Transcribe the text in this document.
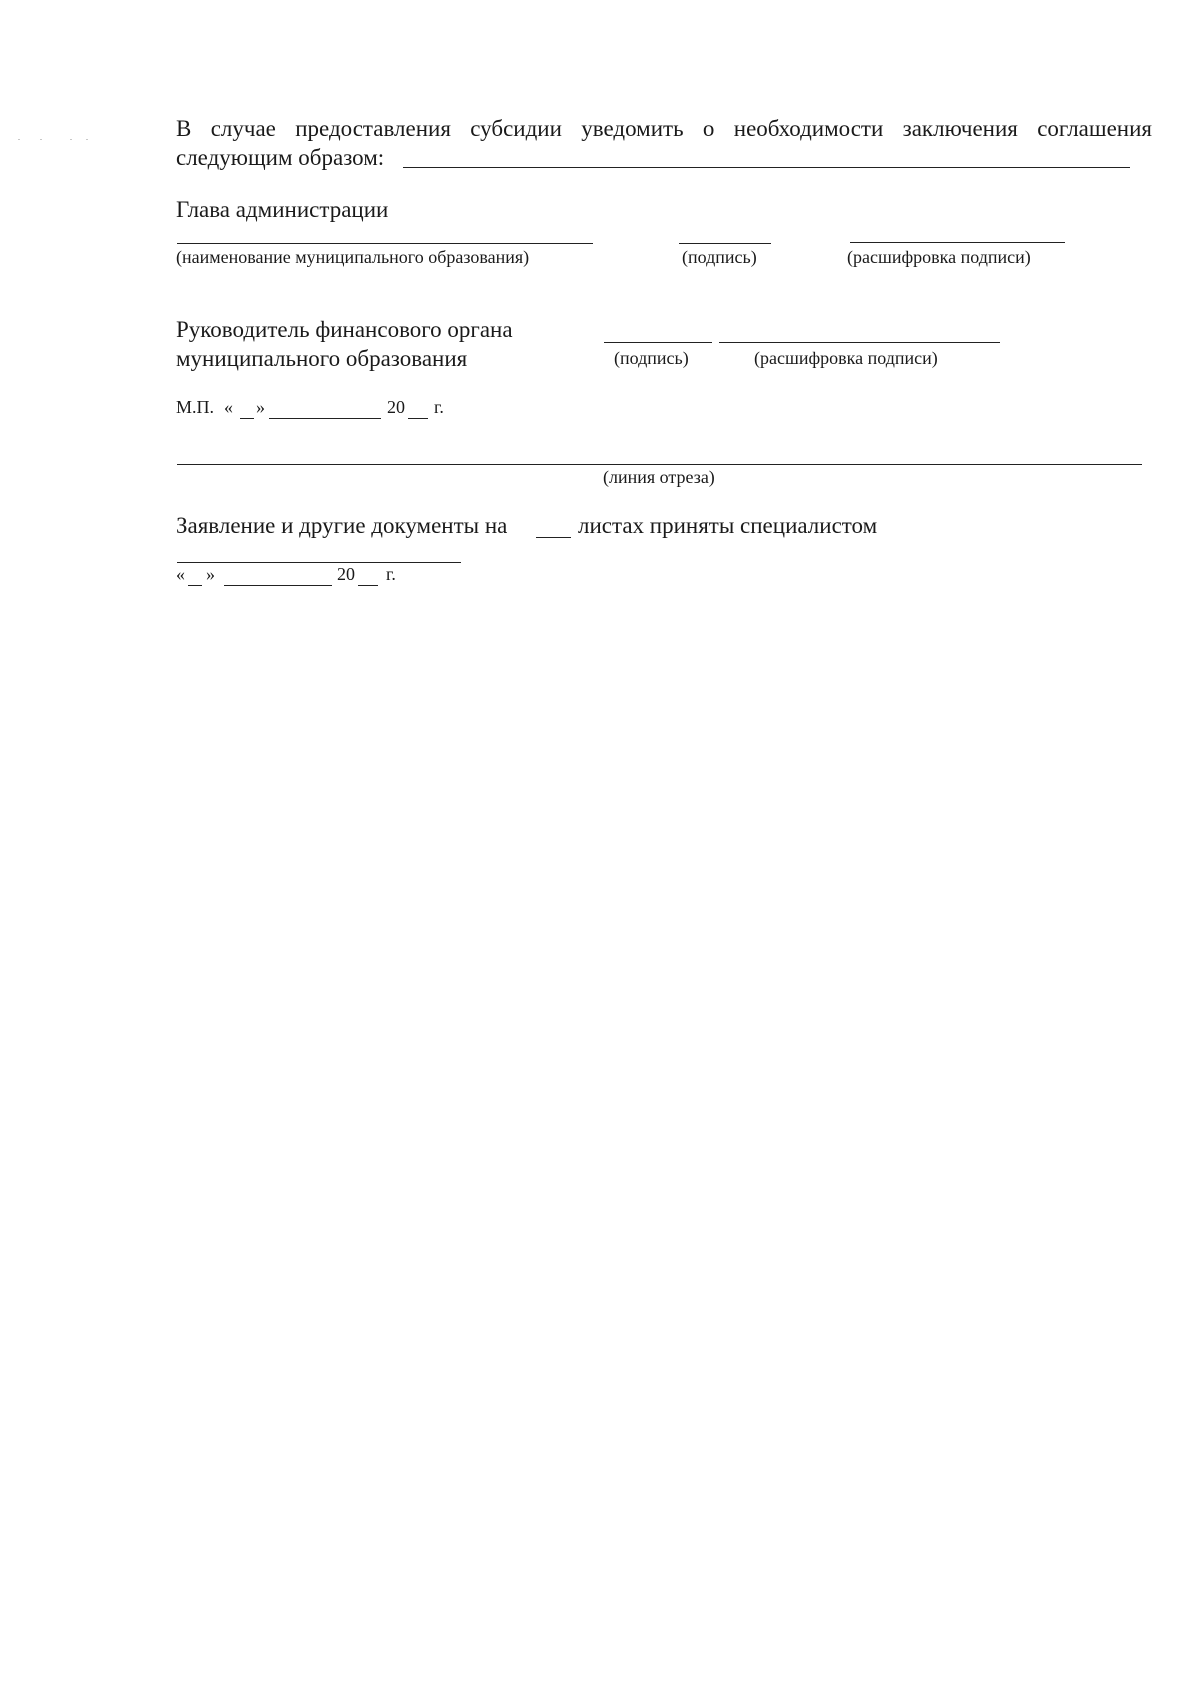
В случае предоставления субсидии уведомить о необходимости заключения соглашения
следующим образом:
Глава администрации
(наименование муниципального образования)	(подпись)	(расшифровка подписи)
Руководитель финансового органа
муниципального образования	(подпись)	(расшифровка подписи)
М.П. « »	20 г.
(линия отреза)
Заявление и другие документы на	листах приняты специалистом
« »	20 г.
